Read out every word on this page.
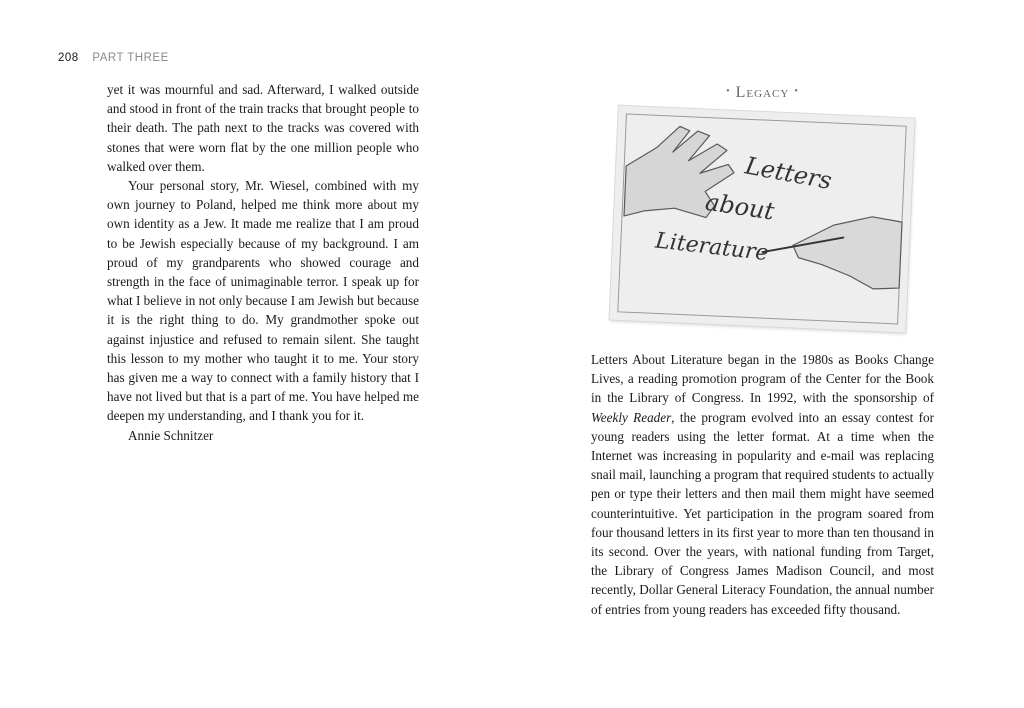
208 PART THREE

yet it was mournful and sad. Afterward, I walked outside and stood in front of the train tracks that brought people to their death. The path next to the tracks was covered with stones that were worn flat by the one million people who walked over them.

Your personal story, Mr. Wiesel, combined with my own journey to Poland, helped me think more about my own identity as a Jew. It made me realize that I am proud to be Jewish especially because of my background. I am proud of my grandparents who showed courage and strength in the face of unimaginable terror. I speak up for what I believe in not only because I am Jewish but because it is the right thing to do. My grandmother spoke out against injustice and refused to remain silent. She taught this lesson to my mother who taught it to me. Your story has given me a way to connect with a family history that I have not lived but that is a part of me. You have helped me deepen my understanding, and I thank you for it.

Annie Schnitzer

• Legacy •
Letters
about
Literature

Letters About Literature began in the 1980s as Books Change Lives, a reading promotion program of the Center for the Book in the Library of Congress. In 1992, with the sponsorship of Weekly Reader, the program evolved into an essay contest for young readers using the letter format. At a time when the Internet was increasing in popularity and e-mail was replacing snail mail, launching a program that required students to actually pen or type their letters and then mail them might have seemed counterintuitive. Yet participation in the program soared from four thousand letters in its first year to more than ten thousand in its second. Over the years, with national funding from Target, the Library of Congress James Madison Council, and most recently, Dollar General Literacy Foundation, the annual number of entries from young readers has exceeded fifty thousand.
